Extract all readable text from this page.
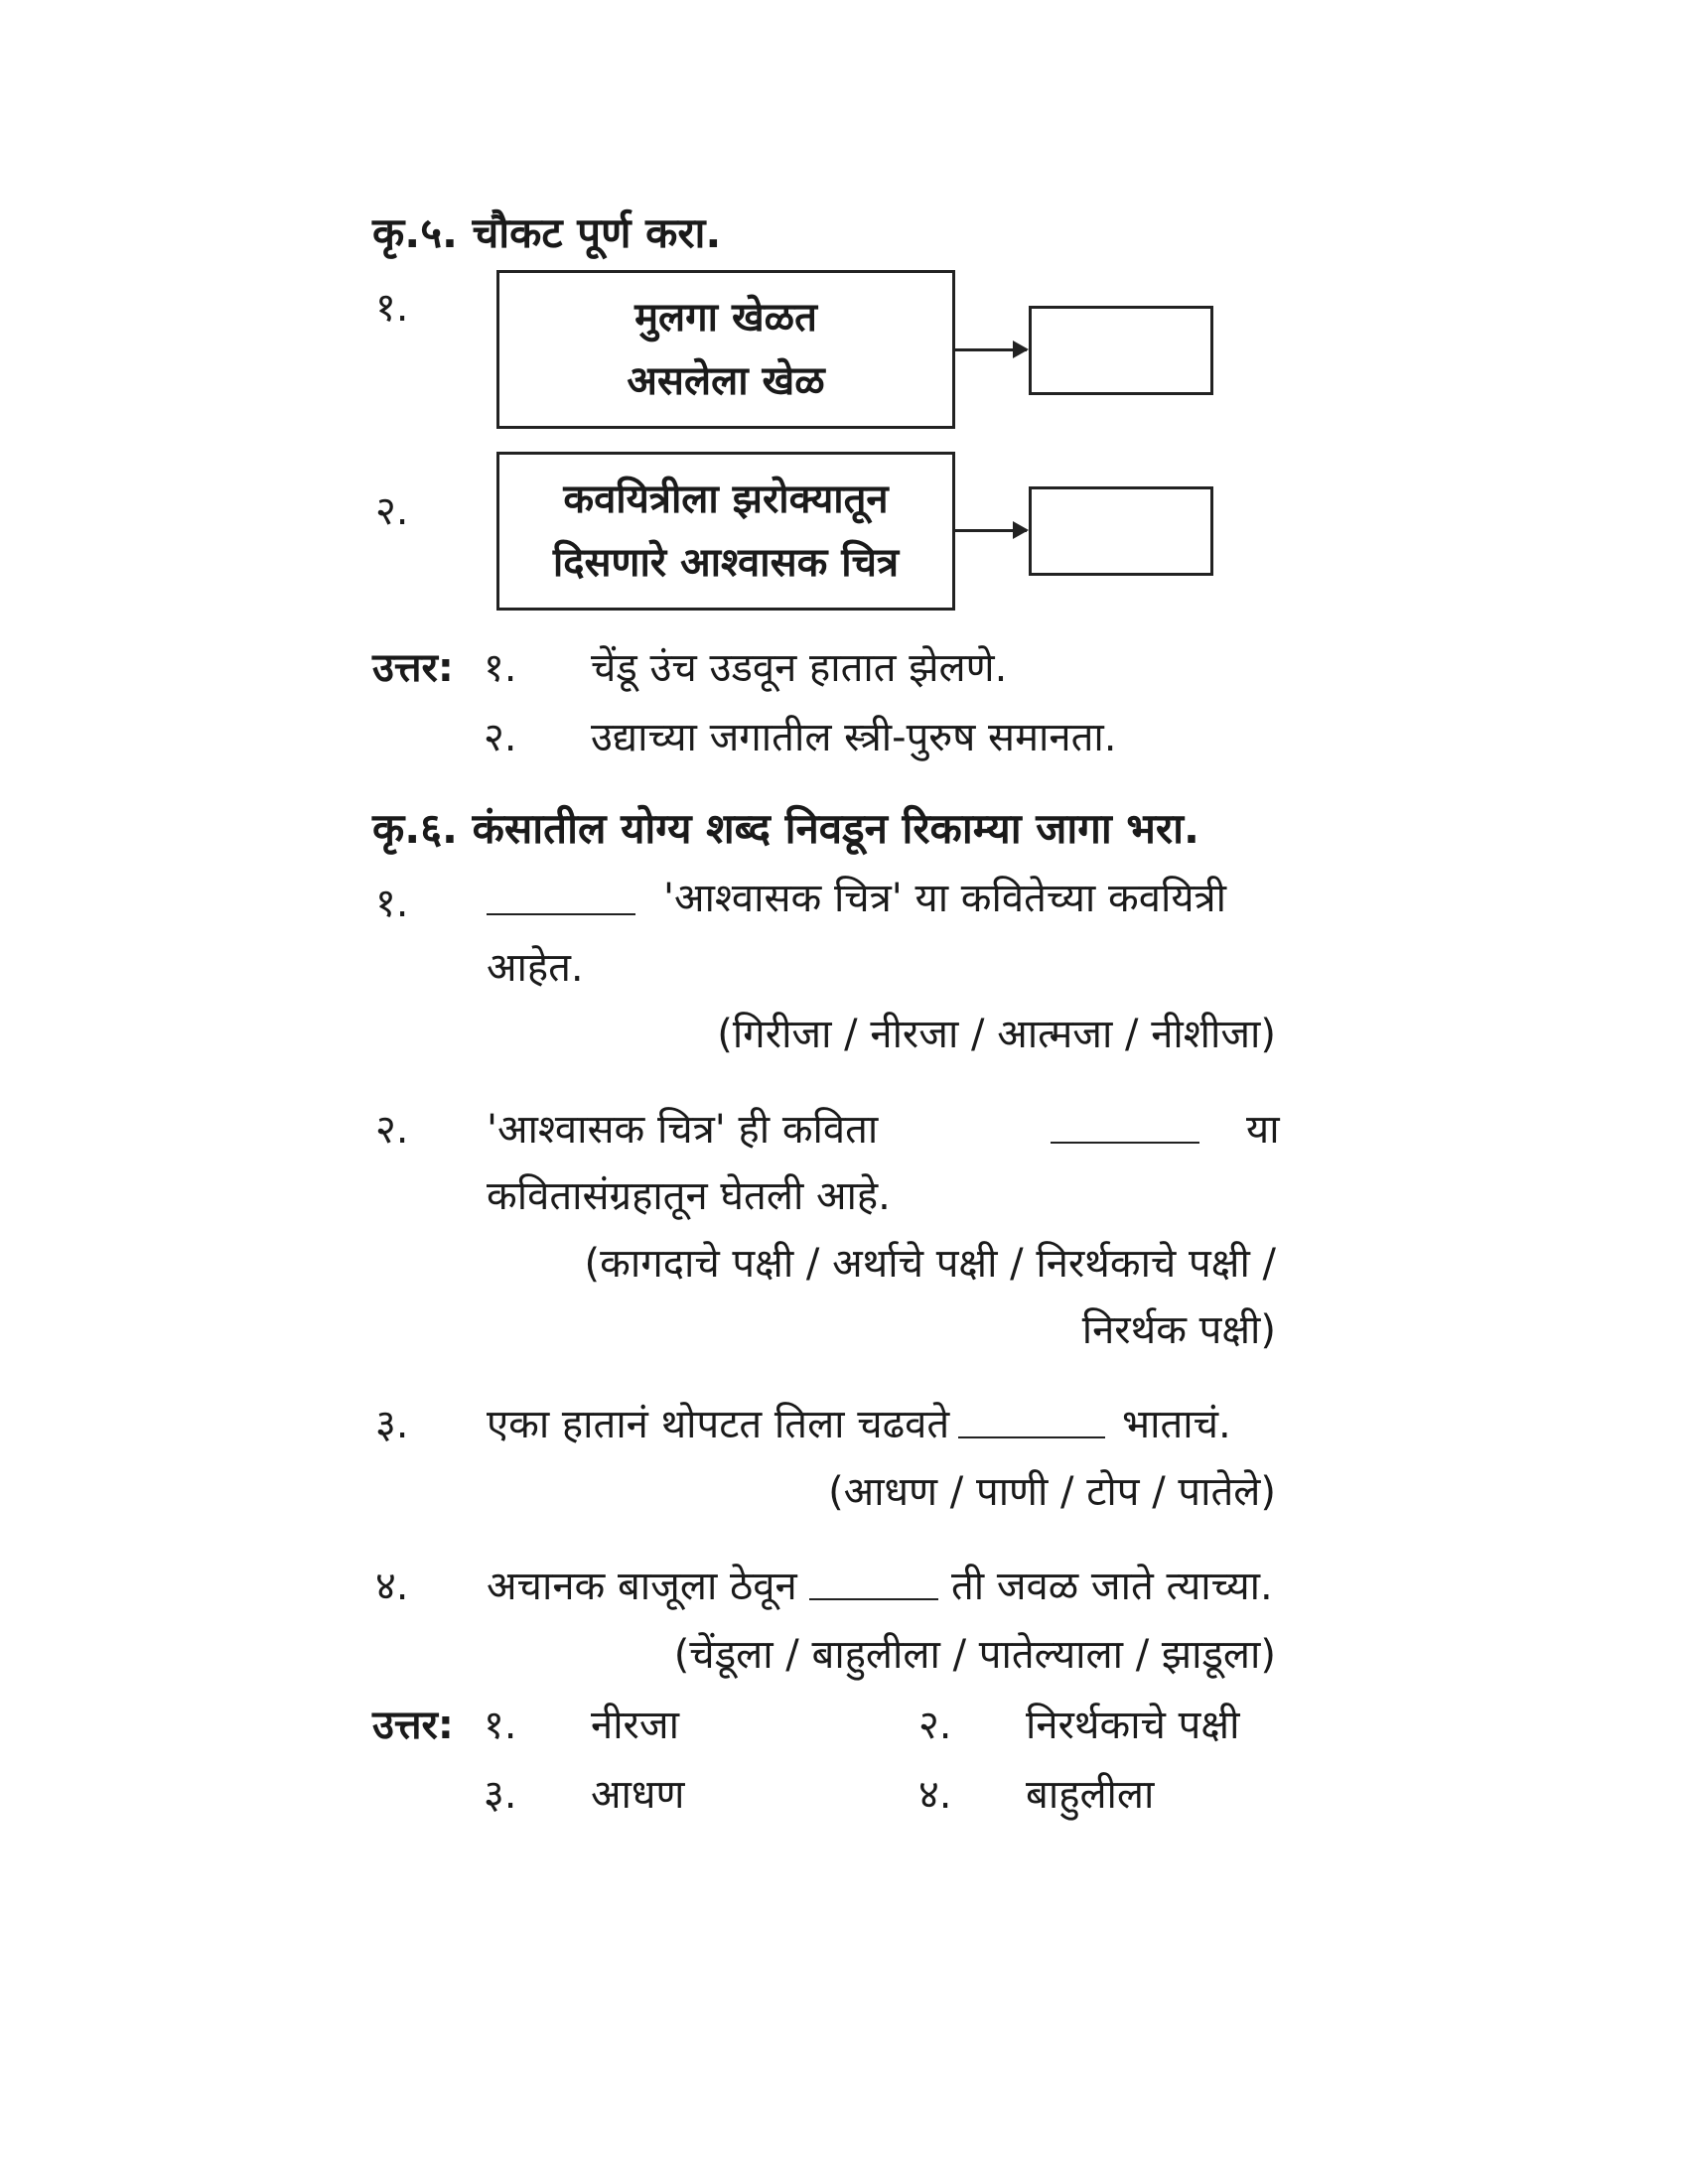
कृ.५. चौकट पूर्ण करा.
१.	मुलगा खेळत
असलेला खेळ
२.	कवयित्रीला झरोक्यातून
दिसणारे आश्वासक चित्र
उत्तर: १. चेंडू उंच उडवून हातात झेलणे.
२. उद्याच्या जगातील स्त्री-पुरुष समानता.
कृ.६. कंसातील योग्य शब्द निवडून रिकाम्या जागा भरा.
१.	'आश्वासक चित्र' या कवितेच्या कवयित्री
आहेत.
(गिरीजा / नीरजा / आत्मजा / नीशीजा)
२. 'आश्वासक चित्र' ही कविता	या
कवितासंग्रहातून घेतली आहे.
(कागदाचे पक्षी / अर्थाचे पक्षी / निरर्थकाचे पक्षी /
निरर्थक पक्षी)
३. एका हातानं थोपटत तिला चढवते	भाताचं.
(आधण / पाणी / टोप / पातेले)
४. अचानक बाजूला ठेवून	ती जवळ जाते त्याच्या.
(चेंडूला / बाहुलीला / पातेल्याला / झाडूला)
उत्तर: १. नीरजा	२. निरर्थकाचे पक्षी
३. आधण	४. बाहुलीला
